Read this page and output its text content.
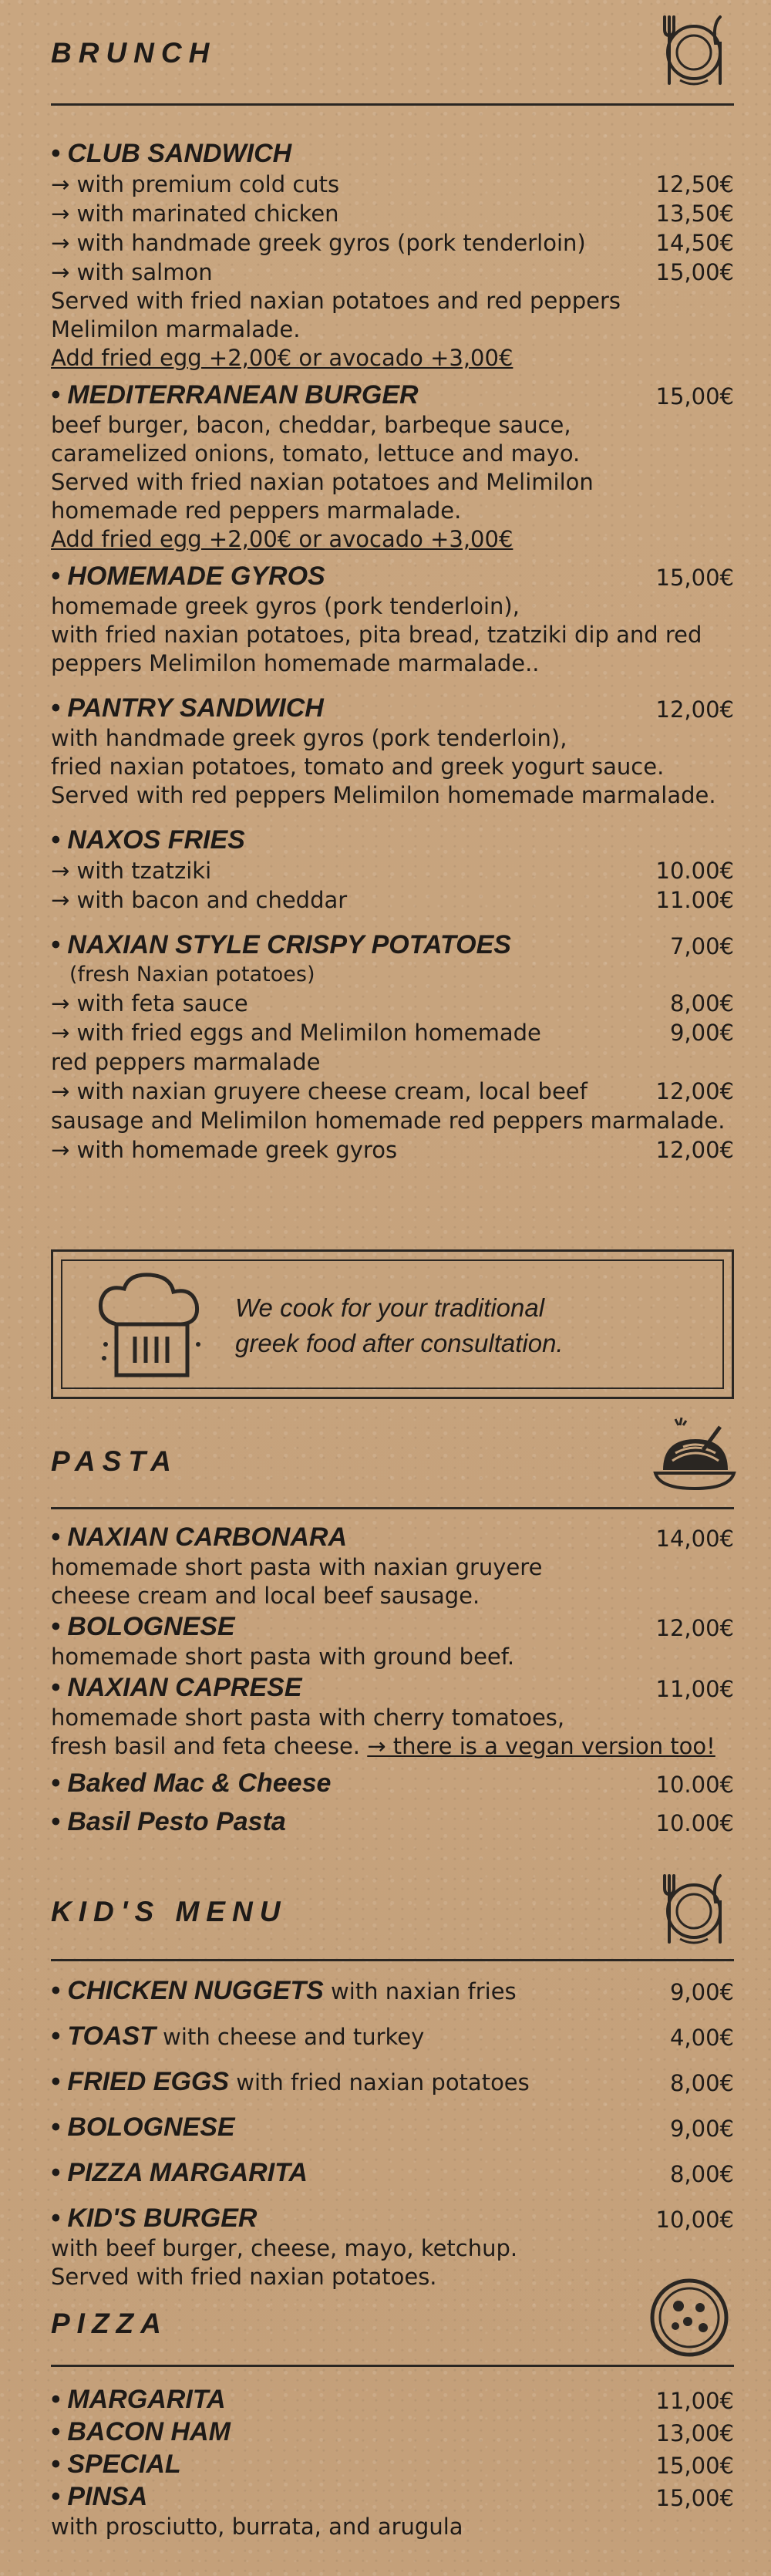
BRUNCH
• CLUB SANDWICH
→ with premium cold cuts	12,50€
→ with marinated chicken	13,50€
→ with handmade greek gyros (pork tenderloin)	14,50€
→ with salmon	15,00€
Served with fried naxian potatoes and red peppers
Melimilon marmalade.
Add fried egg +2,00€ or avocado +3,00€
• MEDITERRANEAN BURGER	15,00€
beef burger, bacon, cheddar, barbeque sauce,
caramelized onions, tomato, lettuce and mayo.
Served with fried naxian potatoes and Melimilon
homemade red peppers marmalade.
Add fried egg +2,00€ or avocado +3,00€
• HOMEMADE GYROS	15,00€
homemade greek gyros (pork tenderloin),
with fried naxian potatoes, pita bread, tzatziki dip and red
peppers Melimilon homemade marmalade..
• PANTRY SANDWICH	12,00€
with handmade greek gyros (pork tenderloin),
fried naxian potatoes, tomato and greek yogurt sauce.
Served with red peppers Melimilon homemade marmalade.
• NAXOS FRIES
→ with tzatziki	10.00€
→ with bacon and cheddar	11.00€
• NAXIAN STYLE CRISPY POTATOES	7,00€
(fresh Naxian potatoes)
→ with feta sauce	8,00€
→ with fried eggs and Melimilon homemade	9,00€
red peppers marmalade
→ with naxian gruyere cheese cream, local beef	12,00€
sausage and Melimilon homemade red peppers marmalade.
→ with homemade greek gyros	12,00€
We cook for your traditional
greek food after consultation.
PASTA
• NAXIAN CARBONARA	14,00€
homemade short pasta with naxian gruyere
cheese cream and local beef sausage.
• BOLOGNESE	12,00€
homemade short pasta with ground beef.
• NAXIAN CAPRESE	11,00€
homemade short pasta with cherry tomatoes,
fresh basil and feta cheese. → there is a vegan version too!
• Baked Mac & Cheese	10.00€
• Basil Pesto Pasta	10.00€
KID'S MENU
• CHICKEN NUGGETS with naxian fries	9,00€
• TOAST with cheese and turkey	4,00€
• FRIED EGGS with fried naxian potatoes	8,00€
• BOLOGNESE	9,00€
• PIZZA MARGARITA	8,00€
• KID'S BURGER	10,00€
with beef burger, cheese, mayo, ketchup.
Served with fried naxian potatoes.
PIZZA
• MARGARITA	11,00€
• BACON HAM	13,00€
• SPECIAL	15,00€
• PINSA	15,00€
with prosciutto, burrata, and arugula
